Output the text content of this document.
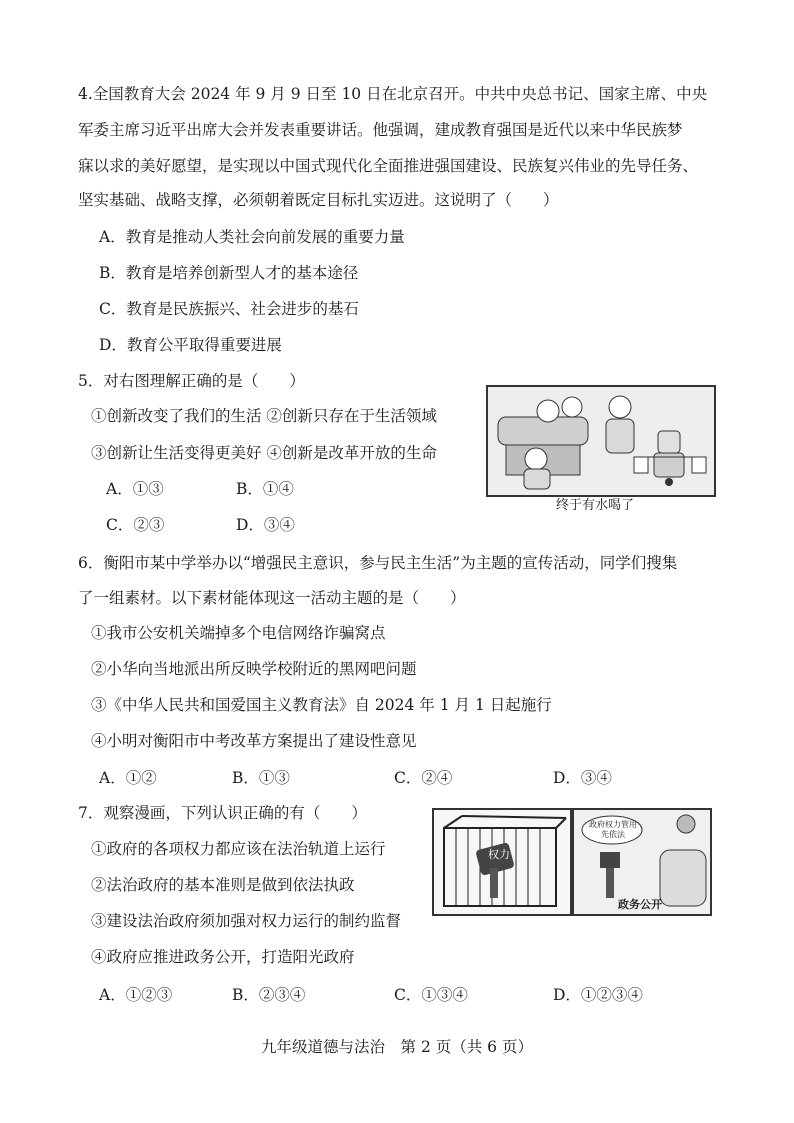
4.全国教育大会 2024 年 9 月 9 日至 10 日在北京召开。中共中央总书记、国家主席、中央
军委主席习近平出席大会并发表重要讲话。他强调，建成教育强国是近代以来中华民族梦
寐以求的美好愿望，是实现以中国式现代化全面推进强国建设、民族复兴伟业的先导任务、
坚实基础、战略支撑，必须朝着既定目标扎实迈进。这说明了（　　）
A．教育是推动人类社会向前发展的重要力量
B．教育是培养创新型人才的基本途径
C．教育是民族振兴、社会进步的基石
D．教育公平取得重要进展
5．对右图理解正确的是（　　）
①创新改变了我们的生活 ②创新只存在于生活领域
③创新让生活变得更美好 ④创新是改革开放的生命
A．①③	B．①④
C．②③	D．③④
终于有水喝了
6．衡阳市某中学举办以“增强民主意识，参与民主生活”为主题的宣传活动，同学们搜集
了一组素材。以下素材能体现这一活动主题的是（　　）
①我市公安机关端掉多个电信网络诈骗窝点
②小华向当地派出所反映学校附近的黑网吧问题
③《中华人民共和国爱国主义教育法》自 2024 年 1 月 1 日起施行
④小明对衡阳市中考改革方案提出了建设性意见
A．①②	B．①③	C．②④	D．③④
7．观察漫画，下列认识正确的有（　　）
①政府的各项权力都应该在法治轨道上运行
②法治政府的基本准则是做到依法执政
③建设法治政府须加强对权力运行的制约监督
④政府应推进政务公开，打造阳光政府
A．①②③	B．②③④	C．①③④	D．①②③④
权力
政府权力管用先依法
政务公开
九年级道德与法治　第 2 页（共 6 页）
